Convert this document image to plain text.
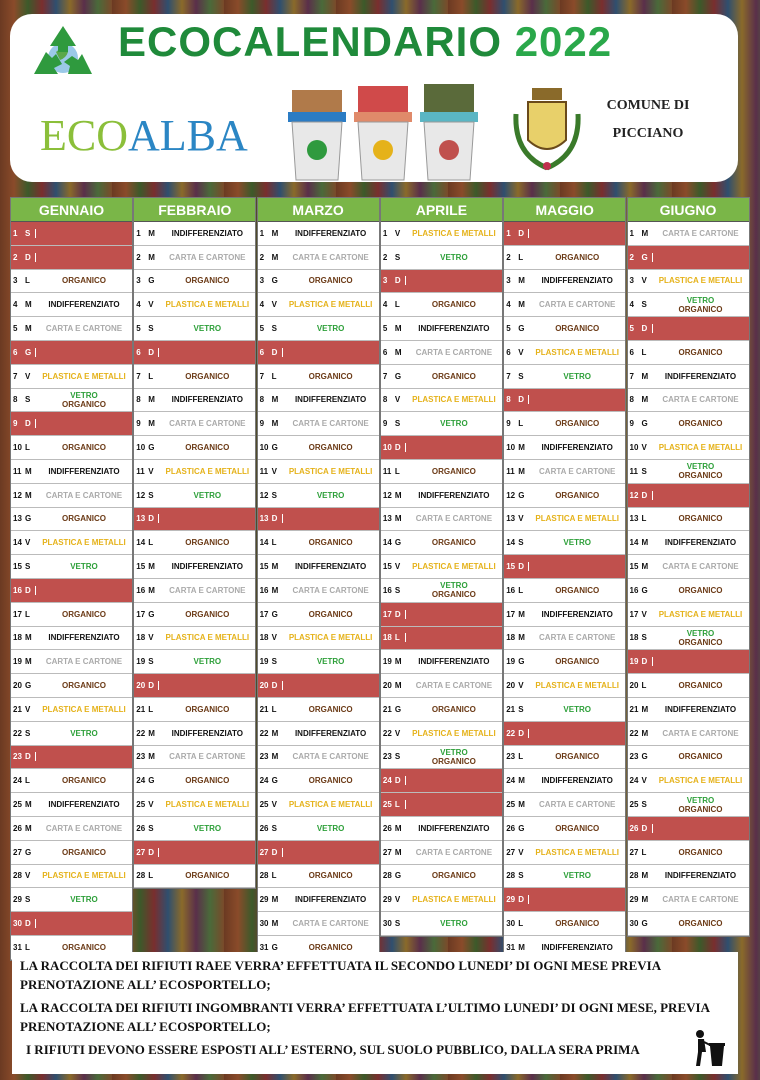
ECOCALENDARIO 2022
ECOALBA
COMUNE DI
PICCIANO
GENNAIO
1 S
2 D
3 L	ORGANICO
4 M	INDIFFERENZIATO
5 M	CARTA E CARTONE
6 G
7 V	PLASTICA E METALLI
8 S	VETRO
ORGANICO
9 D
10 L	ORGANICO
11 M	INDIFFERENZIATO
12 M	CARTA E CARTONE
13 G	ORGANICO
14 V	PLASTICA E METALLI
15 S	VETRO
16 D
17 L	ORGANICO
18 M	INDIFFERENZIATO
19 M	CARTA E CARTONE
20 G	ORGANICO
21 V	PLASTICA E METALLI
22 S	VETRO
23 D
24 L	ORGANICO
25 M	INDIFFERENZIATO
26 M	CARTA E CARTONE
27 G	ORGANICO
28 V	PLASTICA E METALLI
29 S	VETRO
30 D
31 L	ORGANICO
FEBBRAIO
1 M	INDIFFERENZIATO
2 M	CARTA E CARTONE
3 G	ORGANICO
4 V	PLASTICA E METALLI
5 S	VETRO
6 D
7 L	ORGANICO
8 M	INDIFFERENZIATO
9 M	CARTA E CARTONE
10 G	ORGANICO
11 V	PLASTICA E METALLI
12 S	VETRO
13 D
14 L	ORGANICO
15 M	INDIFFERENZIATO
16 M	CARTA E CARTONE
17 G	ORGANICO
18 V	PLASTICA E METALLI
19 S	VETRO
20 D
21 L	ORGANICO
22 M	INDIFFERENZIATO
23 M	CARTA E CARTONE
24 G	ORGANICO
25 V	PLASTICA E METALLI
26 S	VETRO
27 D
28 L	ORGANICO
MARZO
1 M	INDIFFERENZIATO
2 M	CARTA E CARTONE
3 G	ORGANICO
4 V	PLASTICA E METALLI
5 S	VETRO
6 D
7 L	ORGANICO
8 M	INDIFFERENZIATO
9 M	CARTA E CARTONE
10 G	ORGANICO
11 V	PLASTICA E METALLI
12 S	VETRO
13 D
14 L	ORGANICO
15 M	INDIFFERENZIATO
16 M	CARTA E CARTONE
17 G	ORGANICO
18 V	PLASTICA E METALLI
19 S	VETRO
20 D
21 L	ORGANICO
22 M	INDIFFERENZIATO
23 M	CARTA E CARTONE
24 G	ORGANICO
25 V	PLASTICA E METALLI
26 S	VETRO
27 D
28 L	ORGANICO
29 M	INDIFFERENZIATO
30 M	CARTA E CARTONE
31 G	ORGANICO
APRILE
1 V	PLASTICA E METALLI
2 S	VETRO
3 D
4 L	ORGANICO
5 M	INDIFFERENZIATO
6 M	CARTA E CARTONE
7 G	ORGANICO
8 V	PLASTICA E METALLI
9 S	VETRO
10 D
11 L	ORGANICO
12 M	INDIFFERENZIATO
13 M	CARTA E CARTONE
14 G	ORGANICO
15 V	PLASTICA E METALLI
16 S	VETRO
ORGANICO
17 D
18 L
19 M	INDIFFERENZIATO
20 M	CARTA E CARTONE
21 G	ORGANICO
22 V	PLASTICA E METALLI
23 S	VETRO
ORGANICO
24 D
25 L
26 M	INDIFFERENZIATO
27 M	CARTA E CARTONE
28 G	ORGANICO
29 V	PLASTICA E METALLI
30 S	VETRO
MAGGIO
1 D
2 L	ORGANICO
3 M	INDIFFERENZIATO
4 M	CARTA E CARTONE
5 G	ORGANICO
6 V	PLASTICA E METALLI
7 S	VETRO
8 D
9 L	ORGANICO
10 M	INDIFFERENZIATO
11 M	CARTA E CARTONE
12 G	ORGANICO
13 V	PLASTICA E METALLI
14 S	VETRO
15 D
16 L	ORGANICO
17 M	INDIFFERENZIATO
18 M	CARTA E CARTONE
19 G	ORGANICO
20 V	PLASTICA E METALLI
21 S	VETRO
22 D
23 L	ORGANICO
24 M	INDIFFERENZIATO
25 M	CARTA E CARTONE
26 G	ORGANICO
27 V	PLASTICA E METALLI
28 S	VETRO
29 D
30 L	ORGANICO
31 M	INDIFFERENZIATO
GIUGNO
1 M	CARTA E CARTONE
2 G
3 V	PLASTICA E METALLI
4 S	VETRO
ORGANICO
5 D
6 L	ORGANICO
7 M	INDIFFERENZIATO
8 M	CARTA E CARTONE
9 G	ORGANICO
10 V	PLASTICA E METALLI
11 S	VETRO
ORGANICO
12 D
13 L	ORGANICO
14 M	INDIFFERENZIATO
15 M	CARTA E CARTONE
16 G	ORGANICO
17 V	PLASTICA E METALLI
18 S	VETRO
ORGANICO
19 D
20 L	ORGANICO
21 M	INDIFFERENZIATO
22 M	CARTA E CARTONE
23 G	ORGANICO
24 V	PLASTICA E METALLI
25 S	VETRO
ORGANICO
26 D
27 L	ORGANICO
28 M	INDIFFERENZIATO
29 M	CARTA E CARTONE
30 G	ORGANICO

LA RACCOLTA DEI RIFIUTI RAEE VERRA’ EFFETTUATA IL SECONDO LUNEDI’ DI OGNI MESE PREVIA PRENOTAZIONE ALL’ ECOSPORTELLO;

LA RACCOLTA DEI RIFIUTI INGOMBRANTI VERRA’ EFFETTUATA L’ULTIMO LUNEDI’ DI OGNI MESE, PREVIA PRENOTAZIONE ALL’ ECOSPORTELLO;

I RIFIUTI DEVONO ESSERE ESPOSTI ALL’ ESTERNO, SUL SUOLO PUBBLICO, DALLA SERA PRIMA
